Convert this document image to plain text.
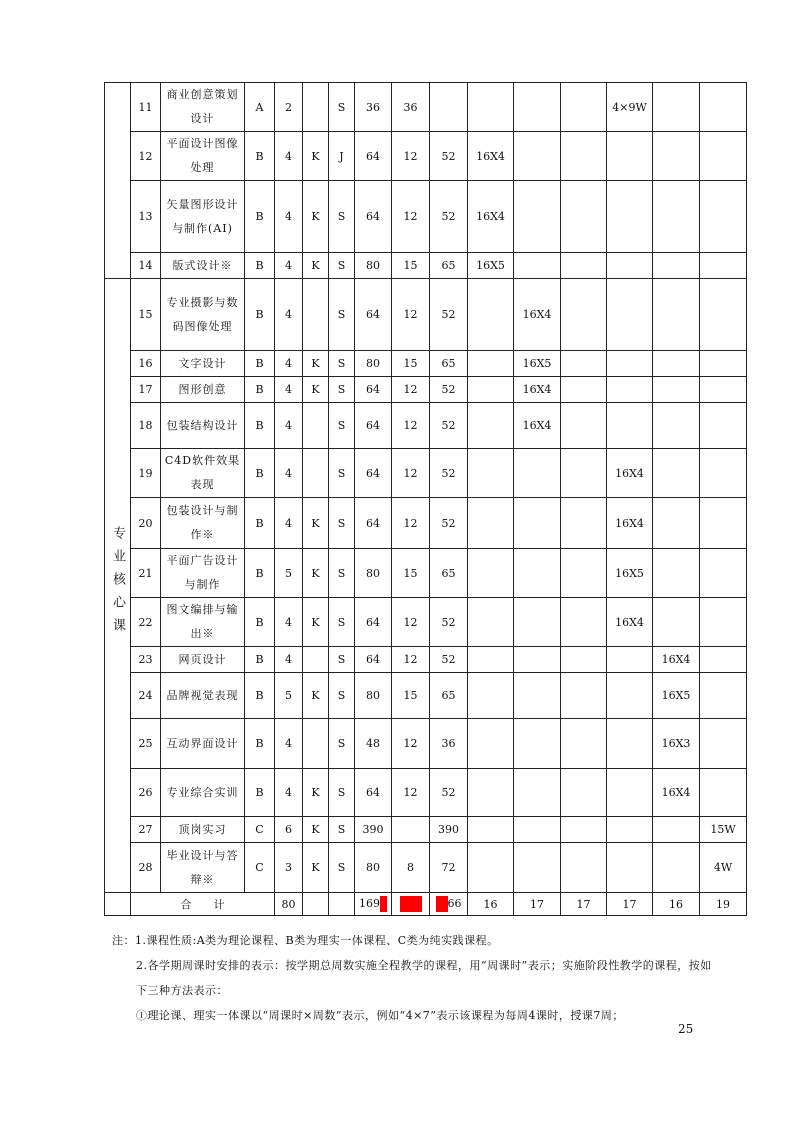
	11	商业创意策划设计	A	2		S	36	36					4×9W		
	12	平面设计图像处理	B	4	K	J	64	12	52	16X4					
	13	矢量图形设计与制作(AI)	B	4	K	S	64	12	52	16X4					
	14	版式设计※	B	4	K	S	80	15	65	16X5					
专业核心课	15	专业摄影与数码图像处理	B	4		S	64	12	52		16X4				
	16	文字设计	B	4	K	S	80	15	65		16X5				
	17	图形创意	B	4	K	S	64	12	52		16X4				
	18	包装结构设计	B	4		S	64	12	52		16X4				
	19	C4D软件效果表现	B	4		S	64	12	52				16X4		
	20	包装设计与制作※	B	4	K	S	64	12	52				16X4		
	21	平面广告设计与制作	B	5	K	S	80	15	65				16X5		
	22	图文编排与输出※	B	4	K	S	64	12	52				16X4		
	23	网页设计	B	4		S	64	12	52					16X4	
	24	品牌视觉表现	B	5	K	S	80	15	65					16X5	
	25	互动界面设计	B	4		S	48	12	36					16X3	
	26	专业综合实训	B	4	K	S	64	12	52					16X4	
	27	顶岗实习	C	6	K	S	390		390						15W
	28	毕业设计与答辩※	C	3	K	S	80	8	72						4W
	合　　计			80			169		66	16	17	17	17	16	19

注：1.课程性质:A类为理论课程、B类为理实一体课程、C类为纯实践课程。

2.各学期周课时安排的表示：按学期总周数实施全程教学的课程，用“周课时”表示；实施阶段性教学的课程，按如下三种方法表示：

①理论课、理实一体课以“周课时×周数”表示，例如“4×7”表示该课程为每周4课时，授课7周；

25
